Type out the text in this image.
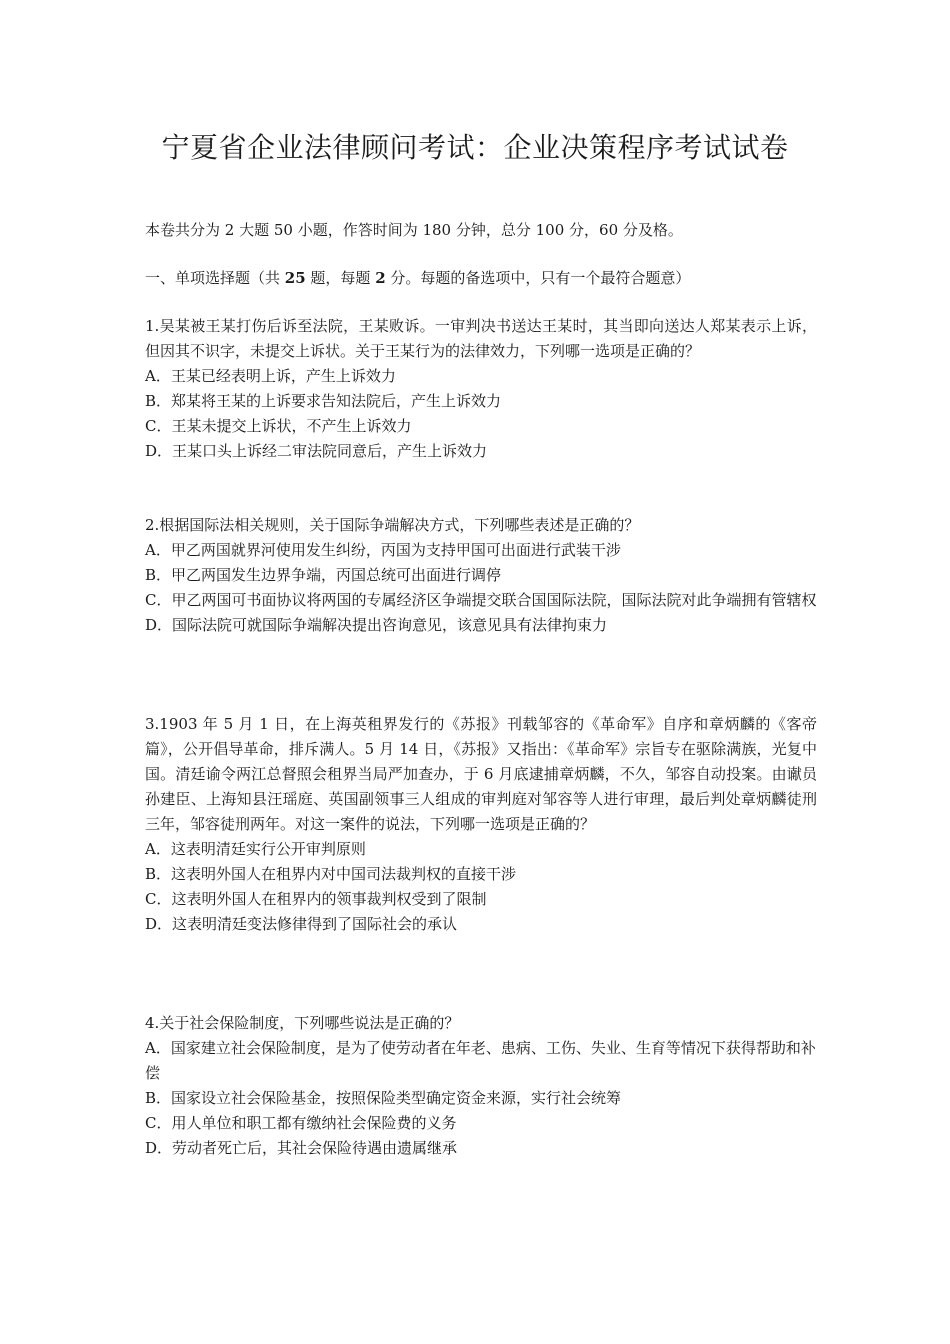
宁夏省企业法律顾问考试：企业决策程序考试试卷

本卷共分为 2 大题 50 小题，作答时间为 180 分钟，总分 100 分，60 分及格。

一、单项选择题（共 25 题，每题 2 分。每题的备选项中，只有一个最符合题意）

1.吴某被王某打伤后诉至法院，王某败诉。一审判决书送达王某时，其当即向送达人郑某表示上诉，但因其不识字，未提交上诉状。关于王某行为的法律效力，下列哪一选项是正确的？
A．王某已经表明上诉，产生上诉效力
B．郑某将王某的上诉要求告知法院后，产生上诉效力
C．王某未提交上诉状，不产生上诉效力
D．王某口头上诉经二审法院同意后，产生上诉效力
2.根据国际法相关规则，关于国际争端解决方式，下列哪些表述是正确的？
A．甲乙两国就界河使用发生纠纷，丙国为支持甲国可出面进行武装干涉
B．甲乙两国发生边界争端，丙国总统可出面进行调停
C．甲乙两国可书面协议将两国的专属经济区争端提交联合国国际法院，国际法院对此争端拥有管辖权
D．国际法院可就国际争端解决提出咨询意见，该意见具有法律拘束力
3.1903 年 5 月 1 日，在上海英租界发行的《苏报》刊载邹容的《革命军》自序和章炳麟的《客帝篇》，公开倡导革命，排斥满人。5 月 14 日，《苏报》又指出：《革命军》宗旨专在驱除满族，光复中国。清廷谕令两江总督照会租界当局严加查办，于 6 月底逮捕章炳麟，不久，邹容自动投案。由谳员孙建臣、上海知县汪瑶庭、英国副领事三人组成的审判庭对邹容等人进行审理，最后判处章炳麟徒刑三年，邹容徒刑两年。对这一案件的说法，下列哪一选项是正确的？
A．这表明清廷实行公开审判原则
B．这表明外国人在租界内对中国司法裁判权的直接干涉
C．这表明外国人在租界内的领事裁判权受到了限制
D．这表明清廷变法修律得到了国际社会的承认
4.关于社会保险制度，下列哪些说法是正确的？
A．国家建立社会保险制度，是为了使劳动者在年老、患病、工伤、失业、生育等情况下获得帮助和补偿
B．国家设立社会保险基金，按照保险类型确定资金来源，实行社会统筹
C．用人单位和职工都有缴纳社会保险费的义务
D．劳动者死亡后，其社会保险待遇由遗属继承
